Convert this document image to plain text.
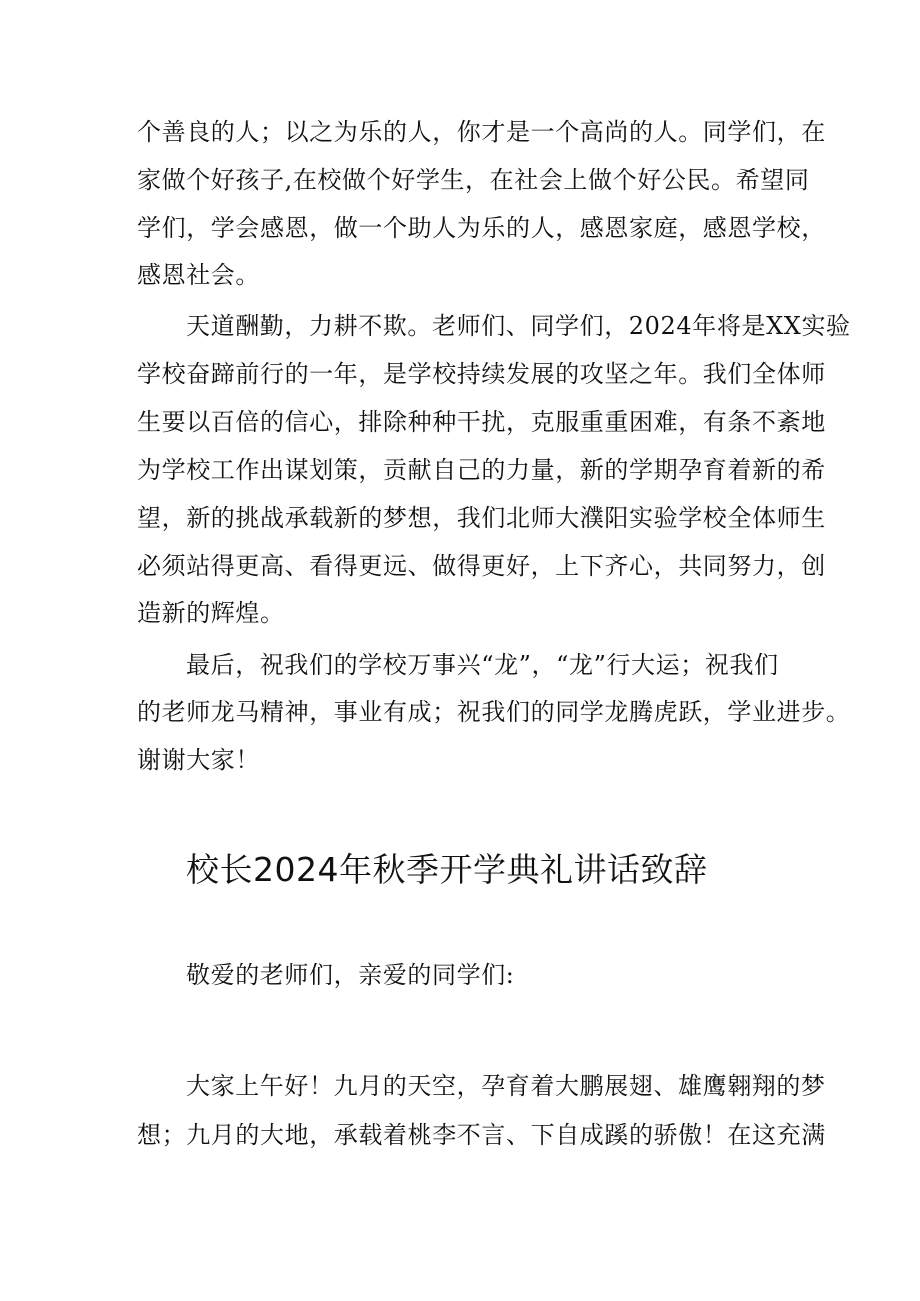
个善良的人；以之为乐的人，你才是一个高尚的人。同学们，在
家做个好孩子,在校做个好学生，在社会上做个好公民。希望同
学们，学会感恩，做一个助人为乐的人，感恩家庭，感恩学校，
感恩社会。
天道酬勤，力耕不欺。老师们、同学们，2024年将是XX实验
学校奋蹄前行的一年，是学校持续发展的攻坚之年。我们全体师
生要以百倍的信心，排除种种干扰，克服重重困难，有条不紊地
为学校工作出谋划策，贡献自己的力量，新的学期孕育着新的希
望，新的挑战承载新的梦想，我们北师大濮阳实验学校全体师生
必须站得更高、看得更远、做得更好，上下齐心，共同努力，创
造新的辉煌。
最后，祝我们的学校万事兴“龙”，“龙”行大运；祝我们
的老师龙马精神，事业有成；祝我们的同学龙腾虎跃，学业进步。
谢谢大家！
校长2024年秋季开学典礼讲话致辞
敬爱的老师们，亲爱的同学们:
大家上午好！九月的天空，孕育着大鹏展翅、雄鹰翱翔的梦
想；九月的大地，承载着桃李不言、下自成蹊的骄傲！在这充满
